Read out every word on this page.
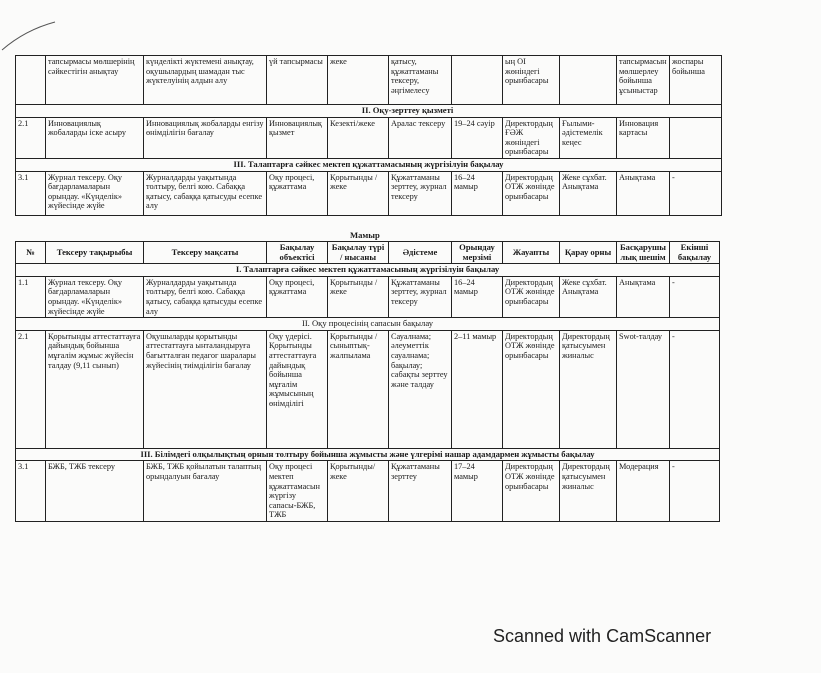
	тапсырмасы мөлшерінің сәйкестігін анықтау	күнделікті жүктемені анықтау, оқушылардың шамадан тыс жүктелуінің алдын алу	үй тапсырмасы	жеке	қатысу, құжаттаманы тексеру, әңгімелесу		ың ОІ жөніндегі орынбасары		тапсырмасын мөлшерлеу бойынша ұсыныстар	жоспары бойынша
II. Оқу-зерттеу қызметі										
2.1	Инновациялық жобаларды іске асыру	Инновациялық жобаларды енгізу өнімділігін бағалау	Инновациялық қызмет	Кезекті/жеке	Аралас тексеру	19–24 сәуір	Директордың ҒӘЖ жөніндегі орынбасары	Ғылыми-әдістемелік кеңес	Инновация картасы	
III. Талаптарға сәйкес мектеп құжаттамасының жүргізілуін бақылау										
3.1	Журнал тексеру. Оқу бағдарламаларын орындау. «Күнделік» жүйесінде жүйе	Журналдарды уақытында толтыру, белгі кою. Сабаққа қатысу, сабаққа қатысуды есепке алу	Оқу процесі, құжаттама	Қорытынды / жеке	Құжаттаманы зерттеу, журнал тексеру	16–24 мамыр	Директордың ОТЖ жөнінде орынбасары	Жеке сұхбат. Анықтама	Анықтама	-
Мамыр
№	Тексеру тақырыбы	Тексеру мақсаты	Бақылау объектісі	Бақылау түрі / нысаны	Әдістеме	Орындау мерзімі	Жауапты	Қарау орны	Басқарушылық шешім	Екінші бақылау
I. Талаптарға сәйкес мектеп құжаттамасының жүргізілуін бақылау										
1.1	Журнал тексеру. Оқу бағдарламаларын орындау. «Күнделік» жүйесінде жүйе	Журналдарды уақытында толтыру, белгі кою. Сабаққа қатысу, сабаққа қатысуды есепке алу	Оқу процесі, құжаттама	Қорытынды / жеке	Құжаттаманы зерттеу, журнал тексеру	16–24 мамыр	Директордың ОТЖ жөнінде орынбасары	Жеке сұхбат. Анықтама	Анықтама	-
II. Оқу процесінің сапасын бақылау										
2.1	Қорытынды аттестаттауға дайындық бойынша мұғалім жұмыс жүйесін талдау (9,11 сынып)	Оқушыларды қорытынды аттестаттауға ынталандыруға бағытталған педагог шаралары жүйесінің тиімділігін бағалау	Оқу үдерісі. Қорытынды аттестаттауға дайындық бойынша мұғалім жұмысының өнімділігі	Қорытынды / сыныптық-жалпылама	Сауалнама; әлеуметтік сауалнама; бақылау; сабақты зерттеу және талдау	2–11 мамыр	Директордың ОТЖ жөнінде орынбасары	Директордың қатысуымен жиналыс	Swot-талдау	-
III. Білімдегі олқылықтың орнын толтыру бойынша жұмысты және үлгерімі нашар адамдармен жұмысты бақылау										
3.1	БЖБ, ТЖБ тексеру	БЖБ, ТЖБ қойылатын талаптың орындалуын бағалау	Оқу процесі мектеп құжаттамасын жүргізу сапасы-БЖБ, ТЖБ	Қорытынды/жеке	Құжаттаманы зерттеу	17–24 мамыр	Директордың ОТЖ жөнінде орынбасары	Директордың қатысуымен жиналыс	Модерация	-
Scanned with CamScanner
